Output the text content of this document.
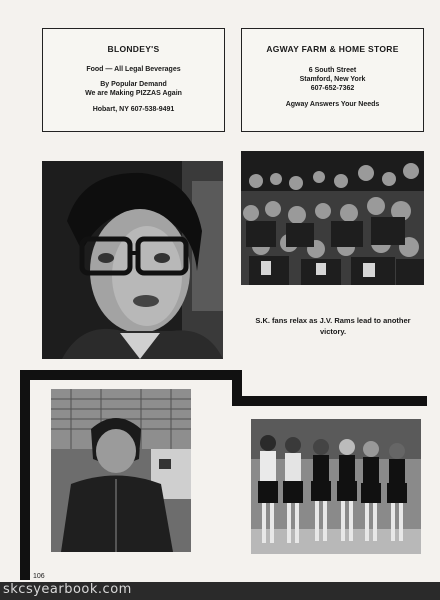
BLONDEY'S
Food — All Legal Beverages
By Popular Demand
We are Making PIZZAS Again
Hobart, NY 607-538-9491
AGWAY FARM & HOME STORE
6 South Street
Stamford, New York
607-652-7362
Agway Answers Your Needs
S.K. fans relax as J.V. Rams lead to another victory.
106
skcsyearbook.com
